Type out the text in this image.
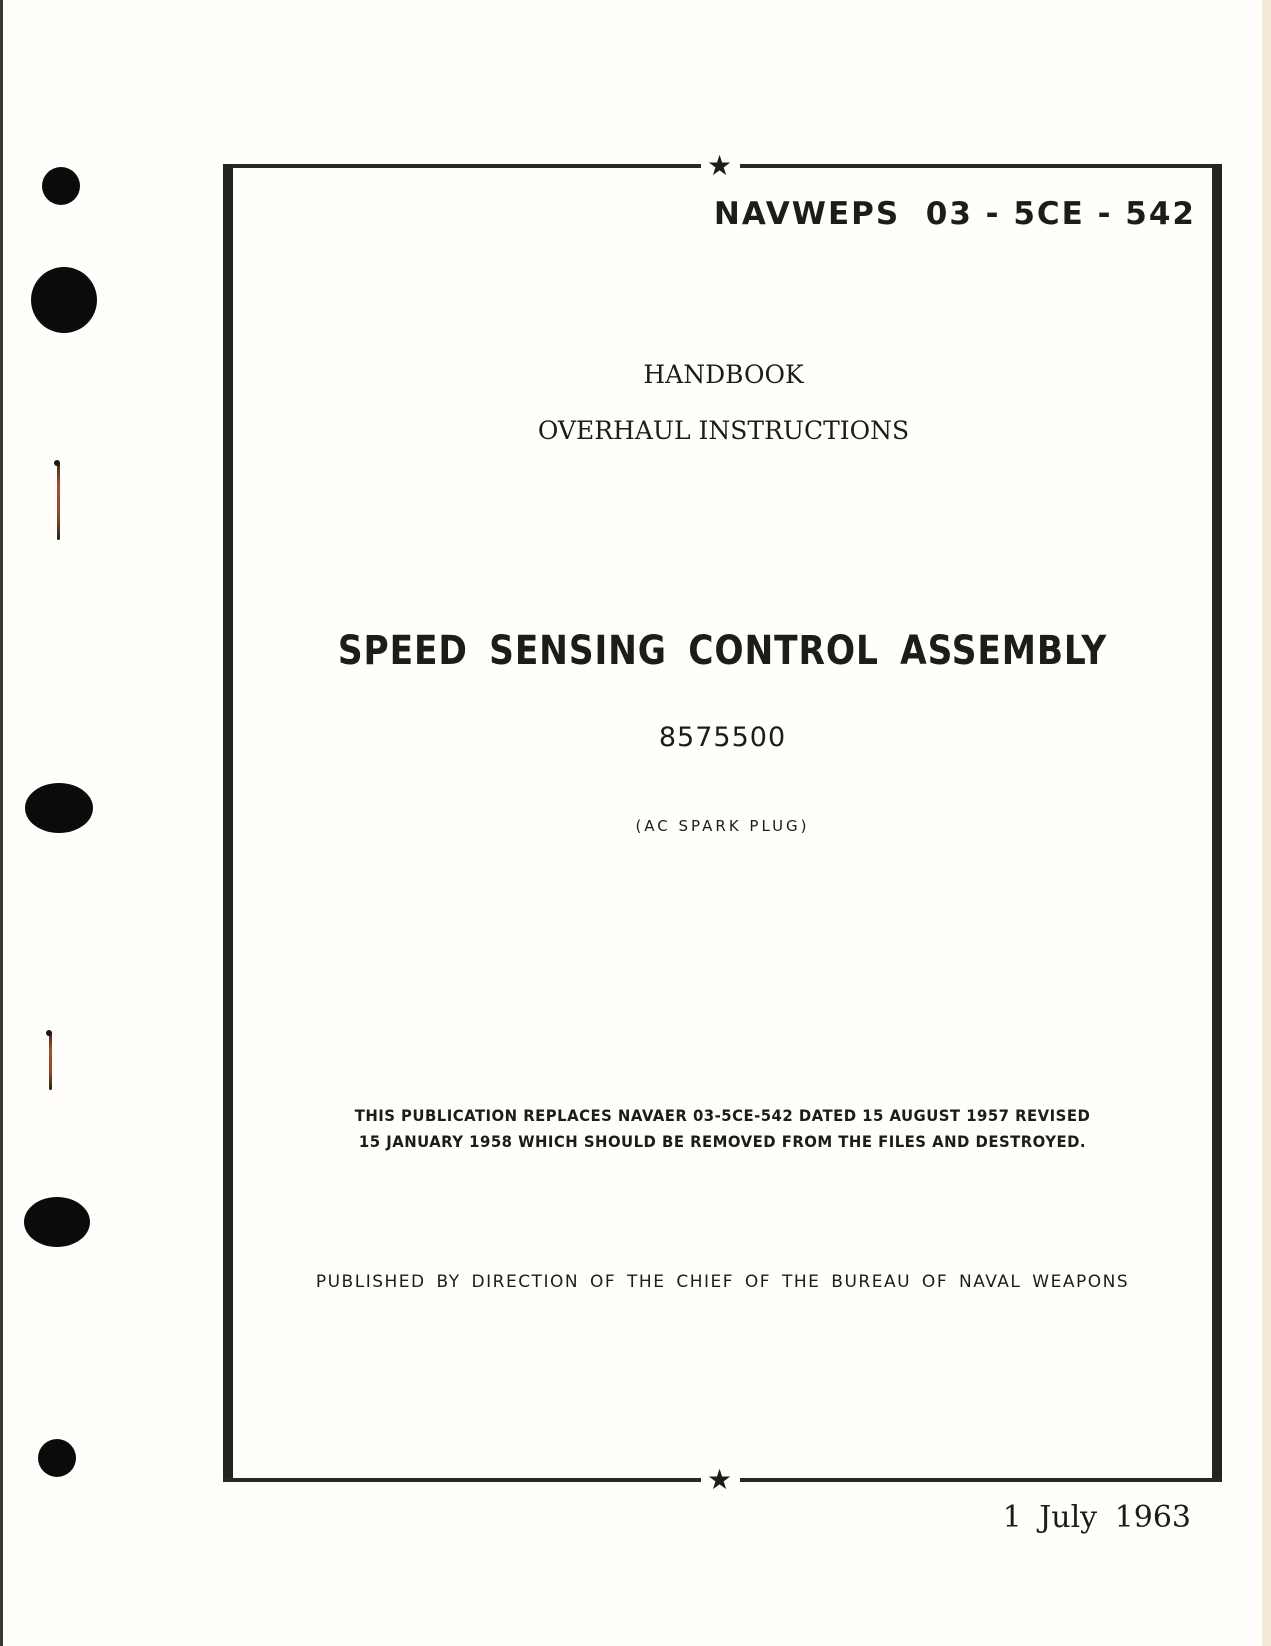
★
★
NAVWEPS  03 - 5CE - 542
HANDBOOK
OVERHAUL INSTRUCTIONS
SPEED SENSING CONTROL ASSEMBLY
8575500
(AC SPARK PLUG)
THIS PUBLICATION REPLACES NAVAER 03-5CE-542 DATED 15 AUGUST 1957 REVISED
15 JANUARY 1958 WHICH SHOULD BE REMOVED FROM THE FILES AND DESTROYED.
PUBLISHED BY DIRECTION OF THE CHIEF OF THE BUREAU OF NAVAL WEAPONS
1 July 1963
